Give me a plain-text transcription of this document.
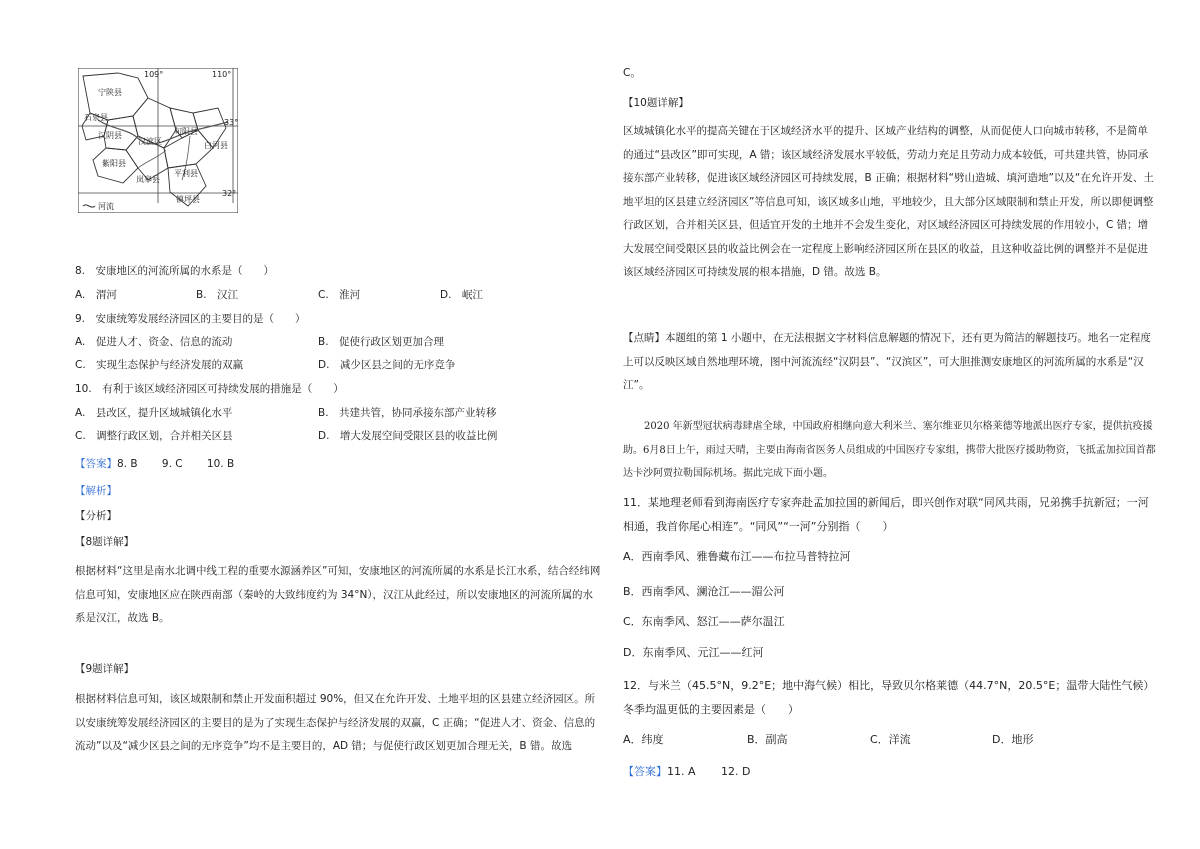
109°	110°
33°
32°
宁陕县
石泉县
汉阴县
汉滨区
旬阳县
白河县
紫阳县
岚皋县
平利县
镇坪县
河流
8.　安康地区的河流所属的水系是（　　）
A.　渭河	B.　汉江	C.　淮河	D.　岷江
9.　安康统筹发展经济园区的主要目的是（　　）
A.　促进人才、资金、信息的流动	B.　促使行政区划更加合理
C.　实现生态保护与经济发展的双赢	D.　减少区县之间的无序竞争
10.　有利于该区域经济园区可持续发展的措施是（　　）
A.　县改区，提升区域城镇化水平	B.　共建共管，协同承接东部产业转移
C.　调整行政区划，合并相关区县	D.　增大发展空间受限区县的收益比例
【答案】8. B　　 9. C　　 10. B
【解析】
【分析】
【8题详解】
根据材料“这里是南水北调中线工程的重要水源涵养区”可知，安康地区的河流所属的水系是长江水系，结合经纬网信息可知，安康地区应在陕西南部（秦岭的大致纬度约为 34°N），汉江从此经过，所以安康地区的河流所属的水系是汉江，故选 B。
【9题详解】
根据材料信息可知，该区域限制和禁止开发面积超过 90%，但又在允许开发、土地平坦的区县建立经济园区。所以安康统筹发展经济园区的主要目的是为了实现生态保护与经济发展的双赢，C 正确；“促进人才、资金、信息的流动”以及“减少区县之间的无序竞争”均不是主要目的，AD 错；与促使行政区划更加合理无关，B 错。故选
C。
【10题详解】
区域城镇化水平的提高关键在于区域经济水平的提升、区域产业结构的调整，从而促使人口向城市转移，不是简单的通过“县改区”即可实现，A 错；该区域经济发展水平较低，劳动力充足且劳动力成本较低，可共建共管，协同承接东部产业转移，促进该区域经济园区可持续发展，B 正确；根据材料“劈山造城、填河造地”以及“在允许开发、土地平坦的区县建立经济园区”等信息可知，该区域多山地，平地较少，且大部分区域限制和禁止开发，所以即便调整行政区划，合并相关区县，但适宜开发的土地并不会发生变化，对区域经济园区可持续发展的作用较小，C 错；增大发展空间受限区县的收益比例会在一定程度上影响经济园区所在县区的收益，且这种收益比例的调整并不是促进该区域经济园区可持续发展的根本措施，D 错。故选 B。
【点睛】本题组的第 1 小题中，在无法根据文字材料信息解题的情况下，还有更为简洁的解题技巧。地名一定程度上可以反映区域自然地理环境，图中河流流经“汉阴县”、“汉滨区”，可大胆推测安康地区的河流所属的水系是“汉江”。
2020 年新型冠状病毒肆虐全球，中国政府相继向意大利米兰、塞尔维亚贝尔格莱德等地派出医疗专家，提供抗疫援助。6月8日上午，雨过天晴，主要由海南省医务人员组成的中国医疗专家组，携带大批医疗援助物资，飞抵孟加拉国首都达卡沙阿贾拉勒国际机场。据此完成下面小题。
11．某地理老师看到海南医疗专家奔赴孟加拉国的新闻后，即兴创作对联“同风共雨，兄弟携手抗新冠；一河相通，我首你尾心相连”。“同风”“一河”分别指（　　）
A．西南季风、雅鲁藏布江——布拉马普特拉河
B．西南季风、澜沧江——湄公河
C．东南季风、怒江——萨尔温江
D．东南季风、元江——红河
12．与米兰（45.5°N，9.2°E；地中海气候）相比，导致贝尔格莱德（44.7°N，20.5°E；温带大陆性气候）冬季均温更低的主要因素是（　　）
A．纬度	B．副高	C．洋流	D．地形
【答案】11. A　　 12. D
